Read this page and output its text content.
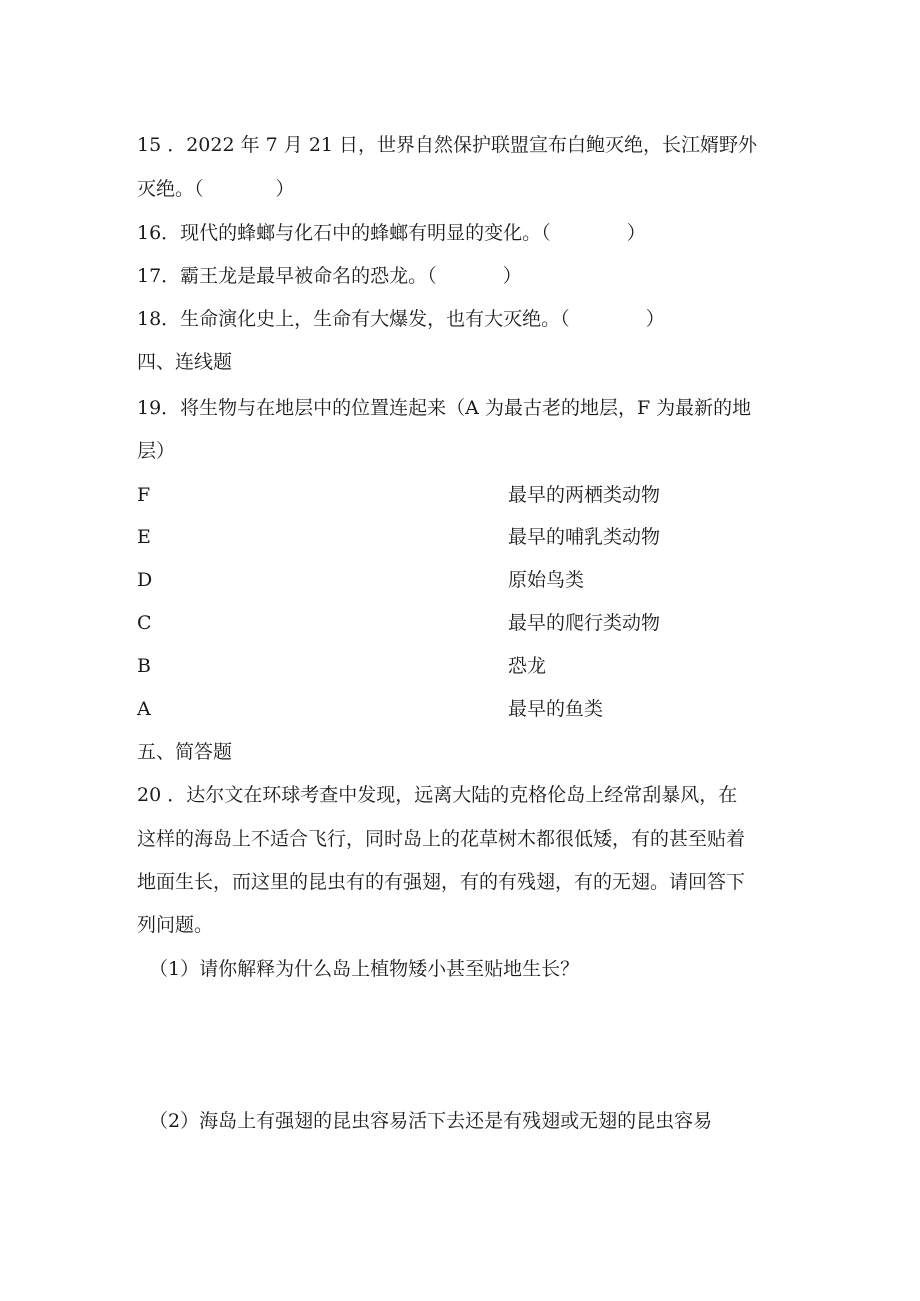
15 ．2022 年 7 月 21 日，世界自然保护联盟宣布白鲍灭绝，长江婿野外
灭绝。（	）
16．现代的蜂螂与化石中的蜂螂有明显的变化。（	）
17．霸王龙是最早被命名的恐龙。（	）
18．生命演化史上，生命有大爆发，也有大灭绝。（	）
四、连线题
19．将生物与在地层中的位置连起来（A 为最古老的地层，F 为最新的地
层）
F	最早的两栖类动物
E	最早的哺乳类动物
D	原始鸟类
C	最早的爬行类动物
B	恐龙
A	最早的鱼类
五、简答题
20 ．达尔文在环球考查中发现，远离大陆的克格伦岛上经常刮暴风，在
这样的海岛上不适合飞行，同时岛上的花草树木都很低矮，有的甚至贴着
地面生长，而这里的昆虫有的有强翅，有的有残翅，有的无翅。请回答下
列问题。
（1）请你解释为什么岛上植物矮小甚至贴地生长？
（2）海岛上有强翅的昆虫容易活下去还是有残翅或无翅的昆虫容易
